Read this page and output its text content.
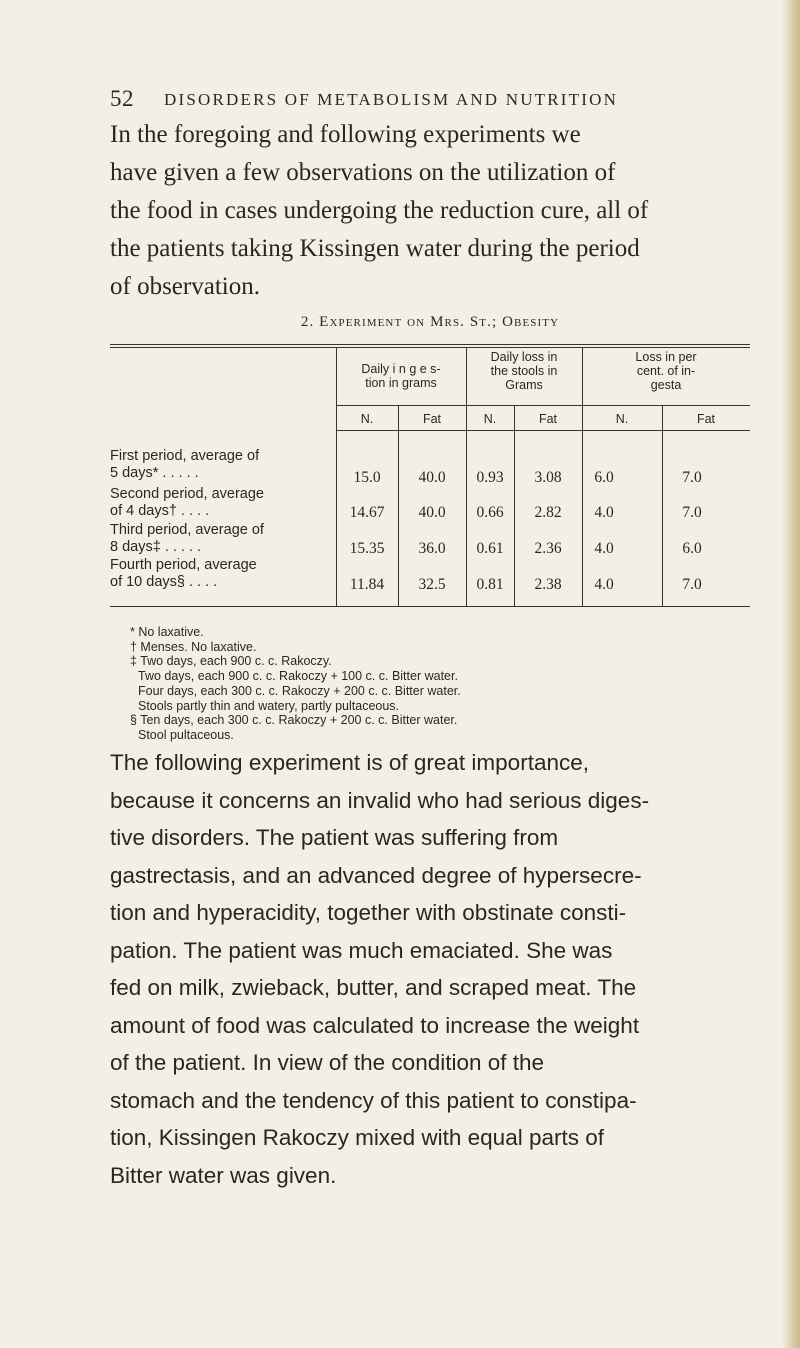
52 DISORDERS OF METABOLISM AND NUTRITION
In the foregoing and following experiments we
have given a few observations on the utilization of
the food in cases undergoing the reduction cure, all of
the patients taking Kissingen water during the period
of observation.
2. Experiment on Mrs. St.; Obesity
Daily i n g e s-
tion in grams
Daily loss in
the stools in
Grams
Loss in per
cent. of in-
gesta
N.	Fat	N.	Fat	N.	Fat
First period, average of
5 days* . . . . .	15.0	40.0	0.93	3.08	6.0	7.0
Second period, average
of 4 days† . . . .	14.67	40.0	0.66	2.82	4.0	7.0
Third period, average of
8 days‡ . . . . .	15.35	36.0	0.61	2.36	4.0	6.0
Fourth period, average
of 10 days§ . . . .	11.84	32.5	0.81	2.38	4.0	7.0
* No laxative.
† Menses. No laxative.
‡ Two days, each 900 c. c. Rakoczy.
Two days, each 900 c. c. Rakoczy + 100 c. c. Bitter water.
Four days, each 300 c. c. Rakoczy + 200 c. c. Bitter water.
Stools partly thin and watery, partly pultaceous.
§ Ten days, each 300 c. c. Rakoczy + 200 c. c. Bitter water.
Stool pultaceous.
The following experiment is of great importance,
because it concerns an invalid who had serious diges-
tive disorders. The patient was suffering from
gastrectasis, and an advanced degree of hypersecre-
tion and hyperacidity, together with obstinate consti-
pation. The patient was much emaciated. She was
fed on milk, zwieback, butter, and scraped meat. The
amount of food was calculated to increase the weight
of the patient. In view of the condition of the
stomach and the tendency of this patient to constipa-
tion, Kissingen Rakoczy mixed with equal parts of
Bitter water was given.
